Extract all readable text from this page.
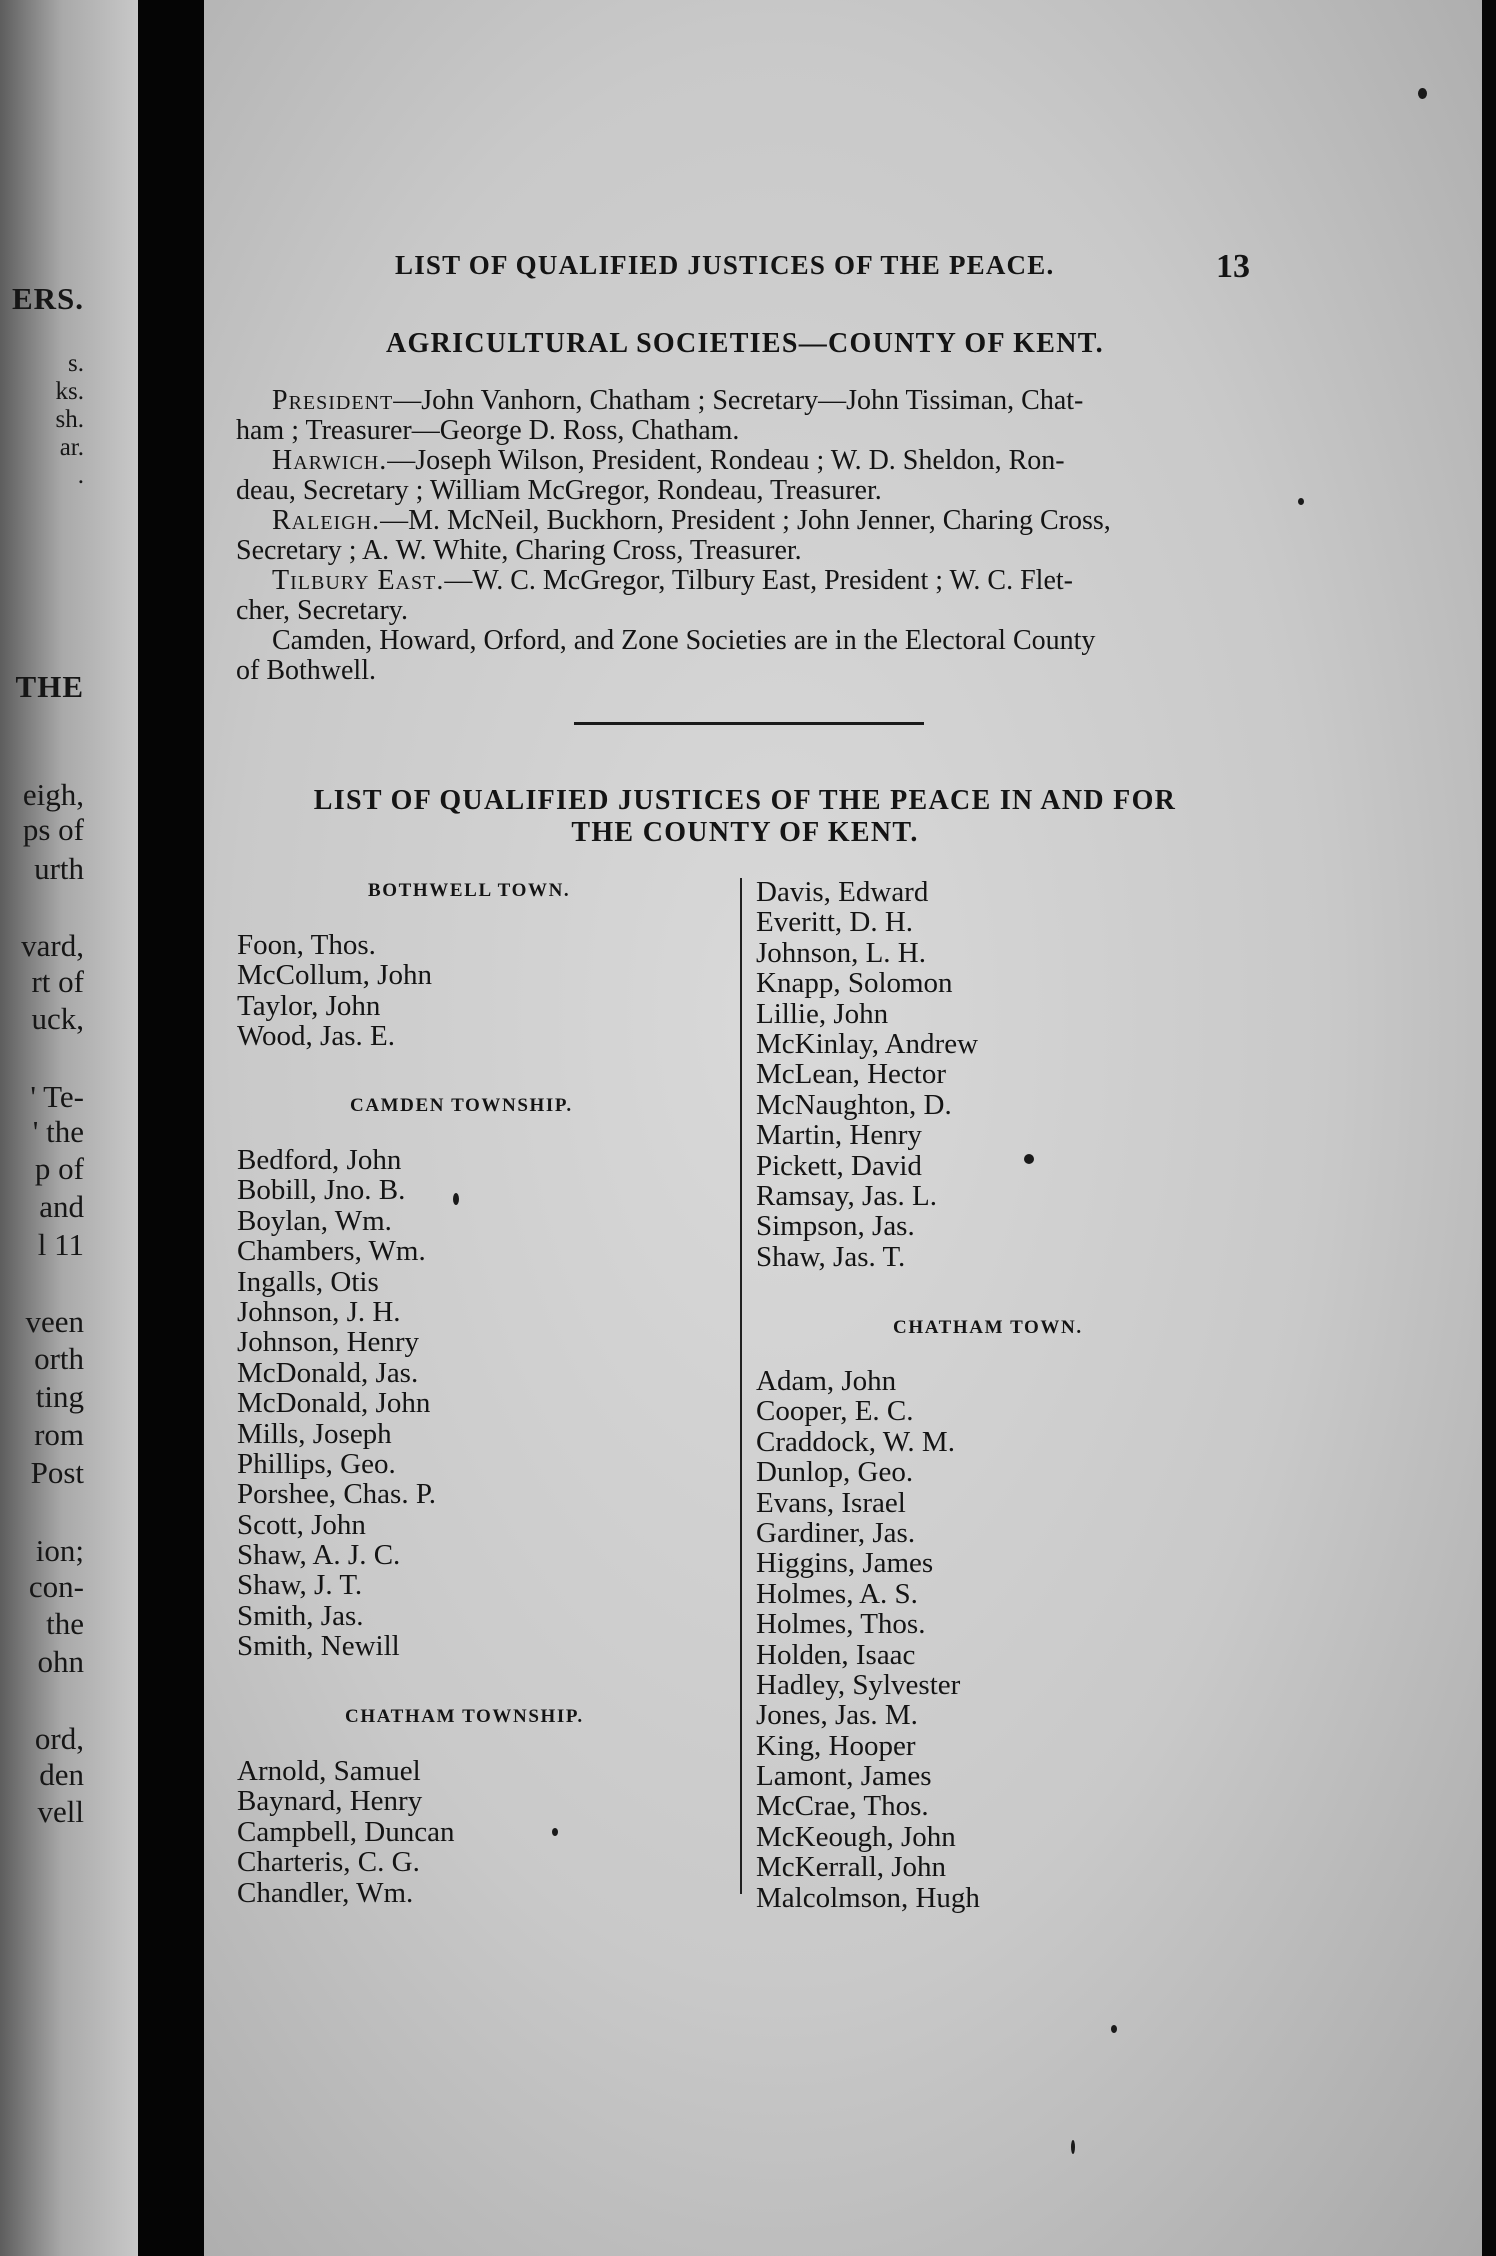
ERS.
s.
ks.
sh.
ar.
.
THE
eigh,
ps of
urth
vard,
rt of
uck,
' Te-
' the
p of
and
l 11
veen
orth
ting
rom
Post
ion;
con-
the
ohn
ord,
den
vell
LIST OF QUALIFIED JUSTICES OF THE PEACE.	13
AGRICULTURAL SOCIETIES—COUNTY OF KENT.
President—John Vanhorn, Chatham ; Secretary—John Tissiman, Chat-
ham ; Treasurer—George D. Ross, Chatham.
Harwich.—Joseph Wilson, President, Rondeau ; W. D. Sheldon, Ron-
deau, Secretary ; William McGregor, Rondeau, Treasurer.
Raleigh.—M. McNeil, Buckhorn, President ; John Jenner, Charing Cross,
Secretary ; A. W. White, Charing Cross, Treasurer.
Tilbury East.—W. C. McGregor, Tilbury East, President ; W. C. Flet-
cher, Secretary.
Camden, Howard, Orford, and Zone Societies are in the Electoral County
of Bothwell.
LIST OF QUALIFIED JUSTICES OF THE PEACE IN AND FOR
THE COUNTY OF KENT.
BOTHWELL TOWN.
Foon, Thos.
McCollum, John
Taylor, John
Wood, Jas. E.
CAMDEN TOWNSHIP.
Bedford, John
Bobill, Jno. B.
Boylan, Wm.
Chambers, Wm.
Ingalls, Otis
Johnson, J. H.
Johnson, Henry
McDonald, Jas.
McDonald, John
Mills, Joseph
Phillips, Geo.
Porshee, Chas. P.
Scott, John
Shaw, A. J. C.
Shaw, J. T.
Smith, Jas.
Smith, Newill
CHATHAM TOWNSHIP.
Arnold, Samuel
Baynard, Henry
Campbell, Duncan
Charteris, C. G.
Chandler, Wm.
Davis, Edward
Everitt, D. H.
Johnson, L. H.
Knapp, Solomon
Lillie, John
McKinlay, Andrew
McLean, Hector
McNaughton, D.
Martin, Henry
Pickett, David
Ramsay, Jas. L.
Simpson, Jas.
Shaw, Jas. T.
CHATHAM TOWN.
Adam, John
Cooper, E. C.
Craddock, W. M.
Dunlop, Geo.
Evans, Israel
Gardiner, Jas.
Higgins, James
Holmes, A. S.
Holmes, Thos.
Holden, Isaac
Hadley, Sylvester
Jones, Jas. M.
King, Hooper
Lamont, James
McCrae, Thos.
McKeough, John
McKerrall, John
Malcolmson, Hugh
